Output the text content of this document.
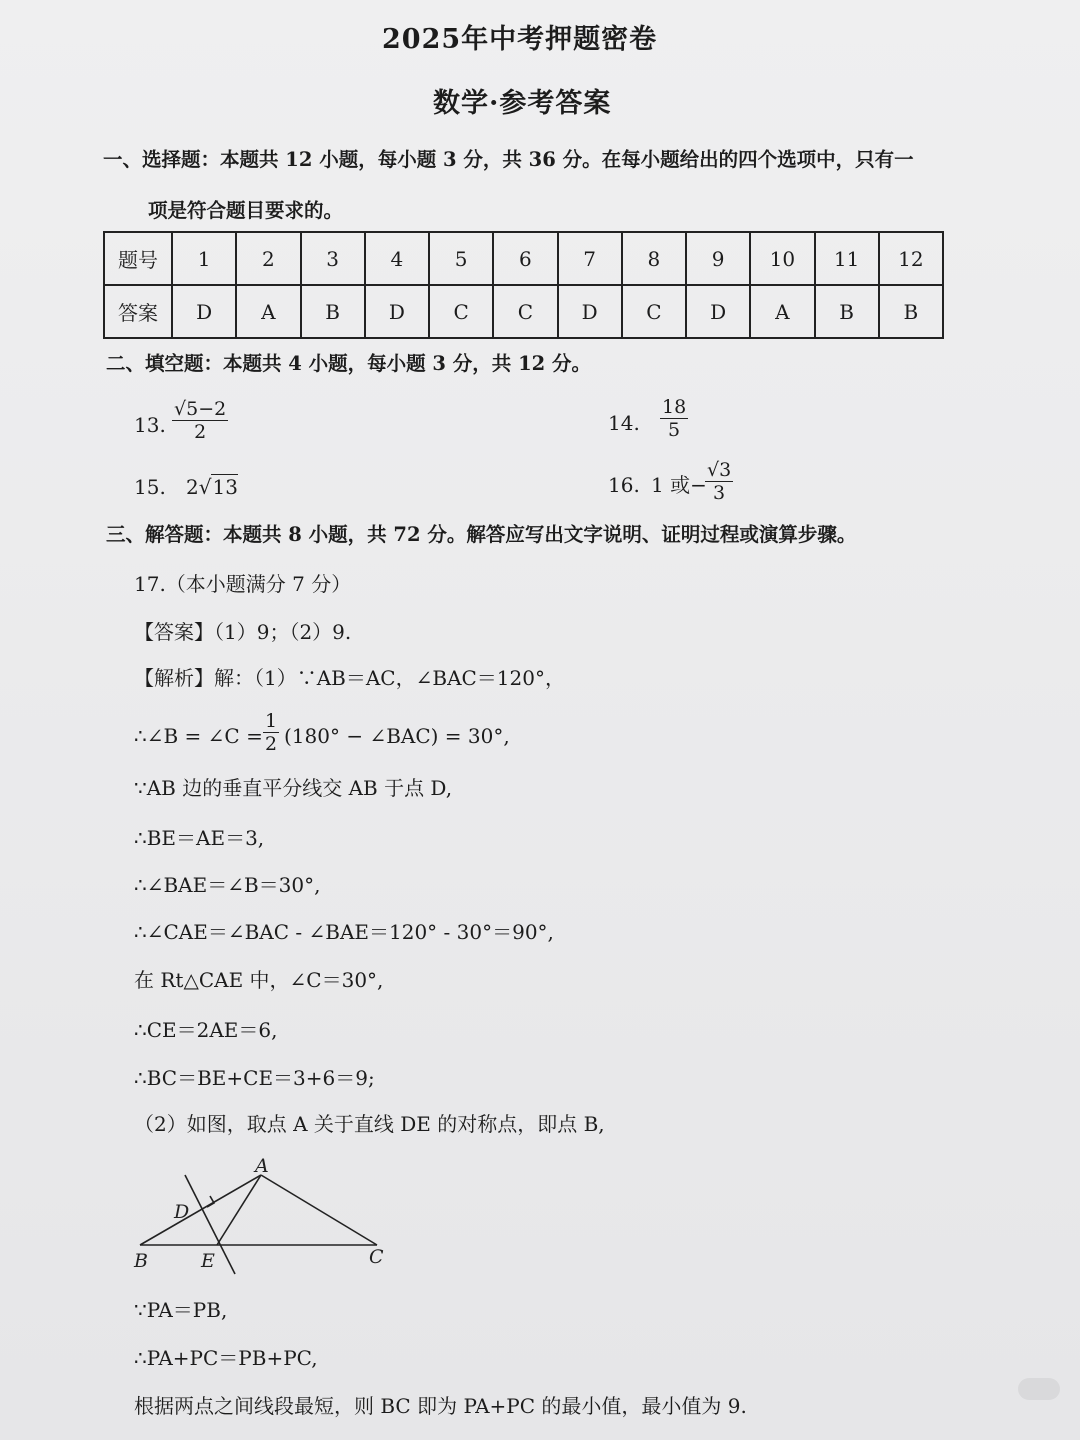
2025年中考押题密卷
数学·参考答案
一、选择题：本题共 12 小题，每小题 3 分，共 36 分。在每小题给出的四个选项中，只有一
项是符合题目要求的。
题号	1	2	3	4	5	6	7	8	9	10	11	12
答案	D	A	B	D	C	C	D	C	D	A	B	B
二、填空题：本题共 4 小题，每小题 3 分，共 12 分。
13. $\frac{√5-2}{2}$	14. $\frac{18}{5}$
15. 2√13	16. 1 或−
$\frac{√3}{3}$
三、解答题：本题共 8 小题，共 72 分。解答应写出文字说明、证明过程或演算步骤。
17.（本小题满分 7 分）
【答案】（1）9；（2）9.
【解析】解：（1）∵AB＝AC，∠BAC＝120°，
∴∠B = ∠C = $\frac{1}{2} (180^\circ$ − ∠BAC) = 30°,
∵AB 边的垂直平分线交 AB 于点 D,
∴BE＝AE＝3,
∴∠BAE＝∠B＝30°,
∴∠CAE＝∠BAC - ∠BAE＝120° - 30°＝90°,
在 Rt△CAE 中，∠C＝30°,
∴CE＝2AE＝6,
∴BC＝BE+CE＝3+6＝9;
（2）如图，取点 A 关于直线 DE 的对称点，即点 B,
A
D
B	E	C
∵PA＝PB,
∴PA+PC＝PB+PC,
根据两点之间线段最短，则 BC 即为 PA+PC 的最小值，最小值为 9.
